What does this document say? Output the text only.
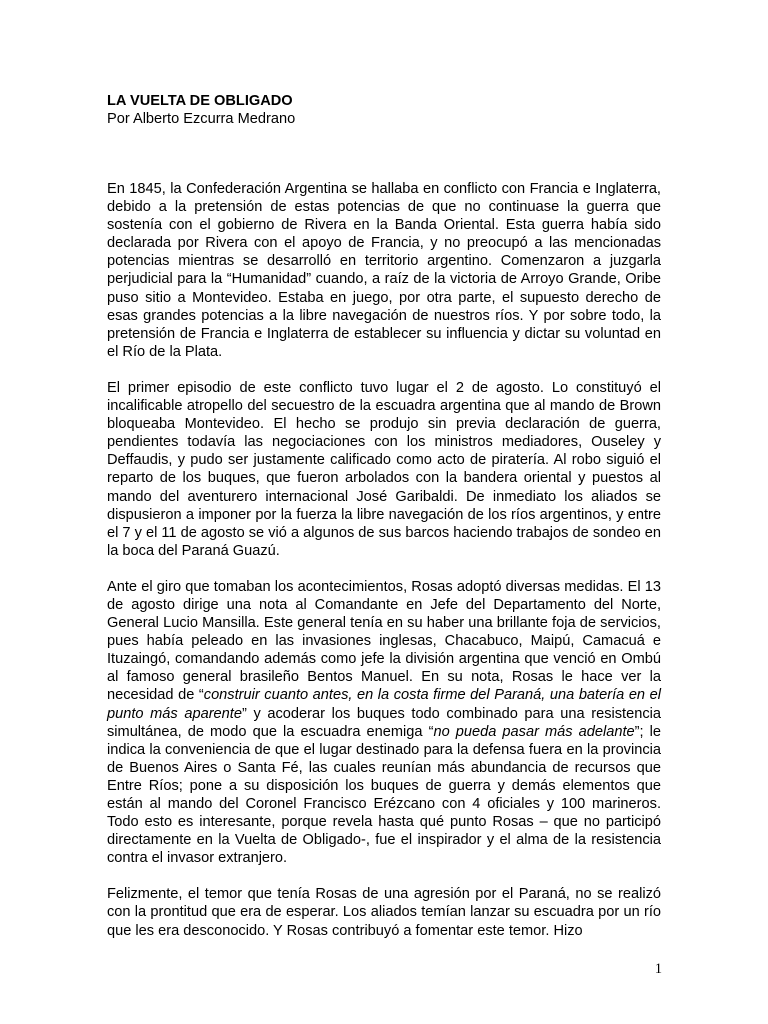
LA VUELTA DE OBLIGADO

Por Alberto Ezcurra Medrano

En 1845, la Confederación Argentina se hallaba en conflicto con Francia e Inglaterra, debido a la pretensión de estas potencias de que no continuase la guerra que sostenía con el gobierno de Rivera en la Banda Oriental. Esta guerra había sido declarada por Rivera con el apoyo de Francia, y no preocupó a las mencionadas potencias mientras se desarrolló en territorio argentino. Comenzaron a juzgarla perjudicial para la “Humanidad” cuando, a raíz de la victoria de Arroyo Grande, Oribe puso sitio a Montevideo. Estaba en juego, por otra parte, el supuesto derecho de esas grandes potencias a la libre navegación de nuestros ríos. Y por sobre todo, la pretensión de Francia e Inglaterra de establecer su influencia y dictar su voluntad en el Río de la Plata.

El primer episodio de este conflicto tuvo lugar el 2 de agosto. Lo constituyó el incalificable atropello del secuestro de la escuadra argentina que al mando de Brown bloqueaba Montevideo. El hecho se produjo sin previa declaración de guerra, pendientes todavía las negociaciones con los ministros mediadores, Ouseley y Deffaudis, y pudo ser justamente calificado como acto de piratería. Al robo siguió el reparto de los buques, que fueron arbolados con la bandera oriental y puestos al mando del aventurero internacional José Garibaldi. De inmediato los aliados se dispusieron a imponer por la fuerza la libre navegación de los ríos argentinos, y entre el 7 y el 11 de agosto se vió a algunos de sus barcos haciendo trabajos de sondeo en la boca del Paraná Guazú.

Ante el giro que tomaban los acontecimientos, Rosas adoptó diversas medidas. El 13 de agosto dirige una nota al Comandante en Jefe del Departamento del Norte, General Lucio Mansilla. Este general tenía en su haber una brillante foja de servicios, pues había peleado en las invasiones inglesas, Chacabuco, Maipú, Camacuá e Ituzaingó, comandando además como jefe la división argentina que venció en Ombú al famoso general brasileño Bentos Manuel. En su nota, Rosas le hace ver la necesidad de “construir cuanto antes, en la costa firme del Paraná, una batería en el punto más aparente” y acoderar los buques todo combinado para una resistencia simultánea, de modo que la escuadra enemiga “no pueda pasar más adelante”; le indica la conveniencia de que el lugar destinado para la defensa fuera en la provincia de Buenos Aires o Santa Fé, las cuales reunían más abundancia de recursos que Entre Ríos; pone a su disposición los buques de guerra y demás elementos que están al mando del Coronel Francisco Erézcano con 4 oficiales y 100 marineros. Todo esto es interesante, porque revela hasta qué punto Rosas – que no participó directamente en la Vuelta de Obligado-, fue el inspirador y el alma de la resistencia contra el invasor extranjero.

Felizmente, el temor que tenía Rosas de una agresión por el Paraná, no se realizó con la prontitud que era de esperar. Los aliados temían lanzar su escuadra por un río que les era desconocido. Y Rosas contribuyó a fomentar este temor. Hizo

1
